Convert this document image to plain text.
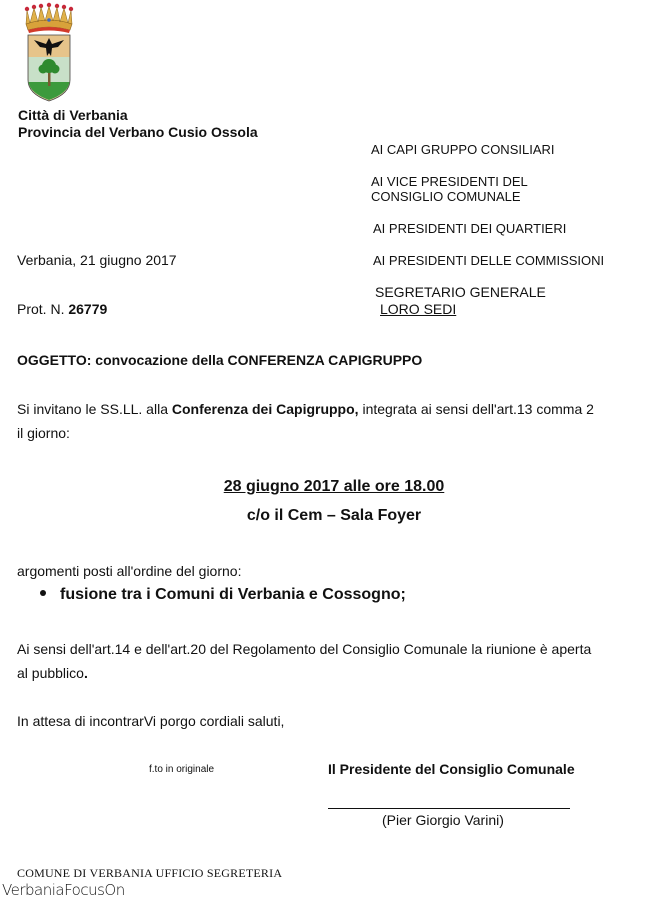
Città di Verbania
Provincia del Verbano Cusio Ossola
AI CAPI GRUPPO CONSILIARI
AI VICE PRESIDENTI DEL
CONSIGLIO COMUNALE
AI PRESIDENTI DEI QUARTIERI
AI PRESIDENTI DELLE COMMISSIONI
SEGRETARIO GENERALE
LORO SEDI
Verbania, 21 giugno 2017
Prot. N. 26779
OGGETTO: convocazione della CONFERENZA CAPIGRUPPO
Si invitano le SS.LL. alla Conferenza dei Capigruppo, integrata ai sensi dell'art.13 comma 2
il giorno:
28 giugno 2017 alle ore 18.00
c/o il Cem – Sala Foyer
argomenti posti all'ordine del giorno:
fusione tra i Comuni di Verbania e Cossogno;
Ai sensi dell'art.14 e dell'art.20 del Regolamento del Consiglio Comunale la riunione è aperta
al pubblico.
In attesa di incontrarVi porgo cordiali saluti,
f.to in originale	Il Presidente del Consiglio Comunale
(Pier Giorgio Varini)
COMUNE DI VERBANIA UFFICIO SEGRETERIA
VerbaniaFocusOn
